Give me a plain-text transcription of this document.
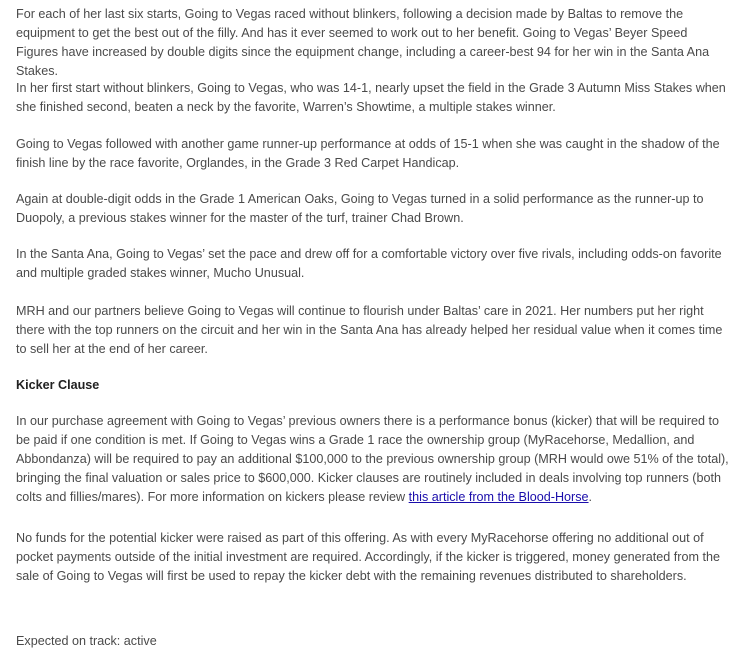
For each of her last six starts, Going to Vegas raced without blinkers, following a decision made by Baltas to remove the equipment to get the best out of the filly. And has it ever seemed to work out to her benefit. Going to Vegas’ Beyer Speed Figures have increased by double digits since the equipment change, including a career-best 94 for her win in the Santa Ana Stakes.

In her first start without blinkers, Going to Vegas, who was 14-1, nearly upset the field in the Grade 3 Autumn Miss Stakes when she finished second, beaten a neck by the favorite, Warren’s Showtime, a multiple stakes winner.

Going to Vegas followed with another game runner-up performance at odds of 15-1 when she was caught in the shadow of the finish line by the race favorite, Orglandes, in the Grade 3 Red Carpet Handicap.

Again at double-digit odds in the Grade 1 American Oaks, Going to Vegas turned in a solid performance as the runner-up to Duopoly, a previous stakes winner for the master of the turf, trainer Chad Brown.

In the Santa Ana, Going to Vegas’ set the pace and drew off for a comfortable victory over five rivals, including odds-on favorite and multiple graded stakes winner, Mucho Unusual.

MRH and our partners believe Going to Vegas will continue to flourish under Baltas’ care in 2021. Her numbers put her right there with the top runners on the circuit and her win in the Santa Ana has already helped her residual value when it comes time to sell her at the end of her career.

Kicker Clause

In our purchase agreement with Going to Vegas’ previous owners there is a performance bonus (kicker) that will be required to be paid if one condition is met. If Going to Vegas wins a Grade 1 race the ownership group (MyRacehorse, Medallion, and Abbondanza) will be required to pay an additional $100,000 to the previous ownership group (MRH would owe 51% of the total), bringing the final valuation or sales price to $600,000. Kicker clauses are routinely included in deals involving top runners (both colts and fillies/mares). For more information on kickers please review this article from the Blood-Horse.

No funds for the potential kicker were raised as part of this offering. As with every MyRacehorse offering no additional out of pocket payments outside of the initial investment are required. Accordingly, if the kicker is triggered, money generated from the sale of Going to Vegas will first be used to repay the kicker debt with the remaining revenues distributed to shareholders.

Expected on track: active
